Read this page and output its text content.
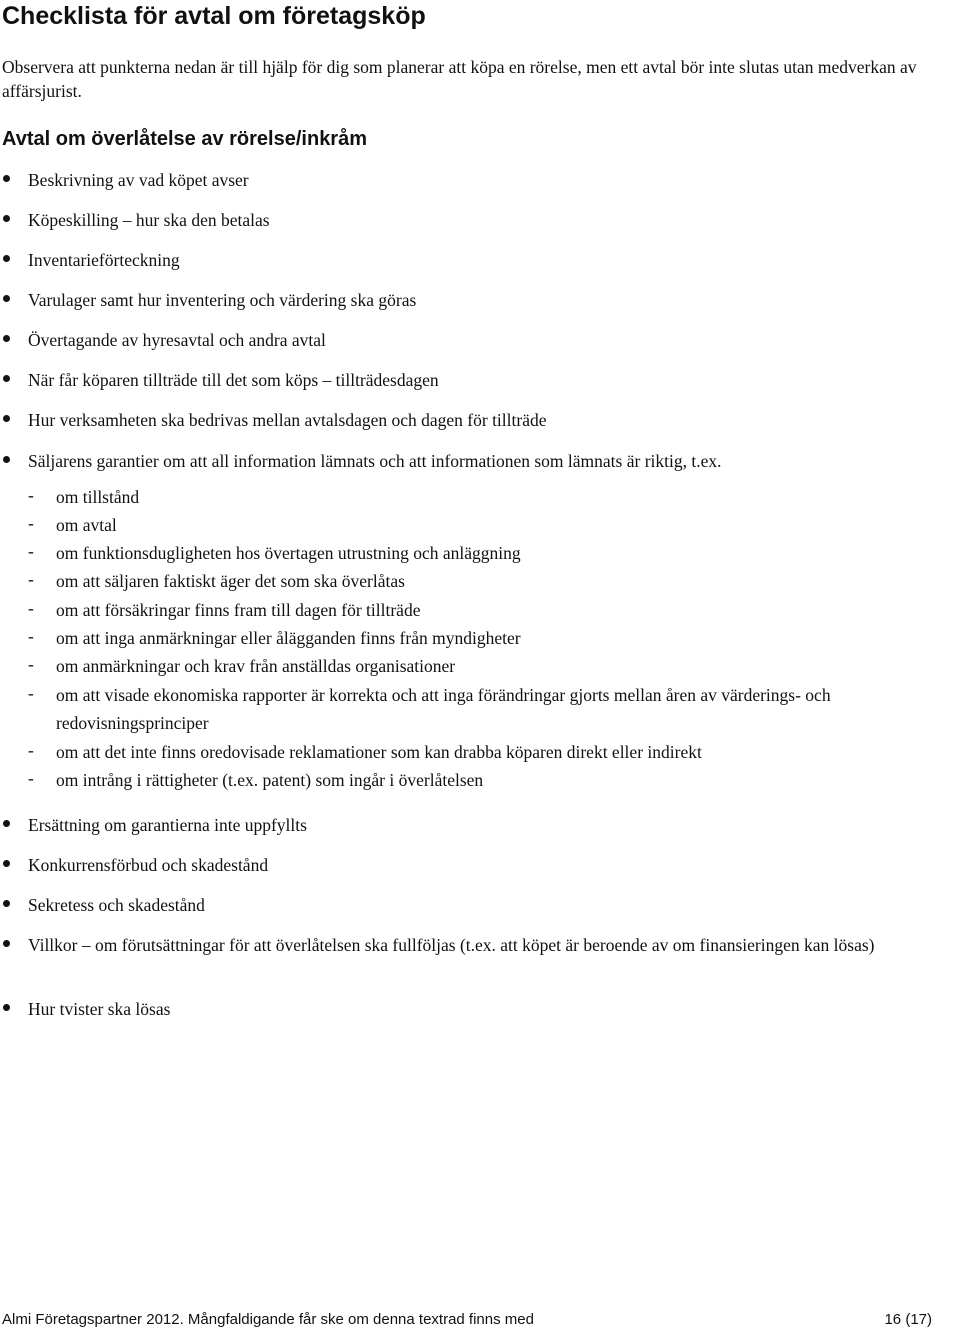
Checklista för avtal om företagsköp

Observera att punkterna nedan är till hjälp för dig som planerar att köpa en rörelse, men ett avtal bör inte slutas utan medverkan av affärsjurist.

Avtal om överlåtelse av rörelse/inkråm
Beskrivning av vad köpet avser
Köpeskilling – hur ska den betalas
Inventarieförteckning
Varulager samt hur inventering och värdering ska göras
Övertagande av hyresavtal och andra avtal
När får köparen tillträde till det som köps – tillträdesdagen
Hur verksamheten ska bedrivas mellan avtalsdagen och dagen för tillträde
Säljarens garantier om att all information lämnats och att informationen som lämnats är riktig, t.ex.
- om tillstånd
- om avtal
- om funktionsdugligheten hos övertagen utrustning och anläggning
- om att säljaren faktiskt äger det som ska överlåtas
- om att försäkringar finns fram till dagen för tillträde
- om att inga anmärkningar eller ålägganden finns från myndigheter
- om anmärkningar och krav från anställdas organisationer
- om att visade ekonomiska rapporter är korrekta och att inga förändringar gjorts mellan åren av värderings- och redovisningsprinciper
- om att det inte finns oredovisade reklamationer som kan drabba köparen direkt eller indirekt
- om intrång i rättigheter (t.ex. patent) som ingår i överlåtelsen
Ersättning om garantierna inte uppfyllts
Konkurrensförbud och skadestånd
Sekretess och skadestånd
Villkor – om förutsättningar för att överlåtelsen ska fullföljas (t.ex. att köpet är beroende av om finansieringen kan lösas)
Hur tvister ska lösas
Almi Företagspartner 2012. Mångfaldigande får ske om denna textrad finns med	16 (17)
